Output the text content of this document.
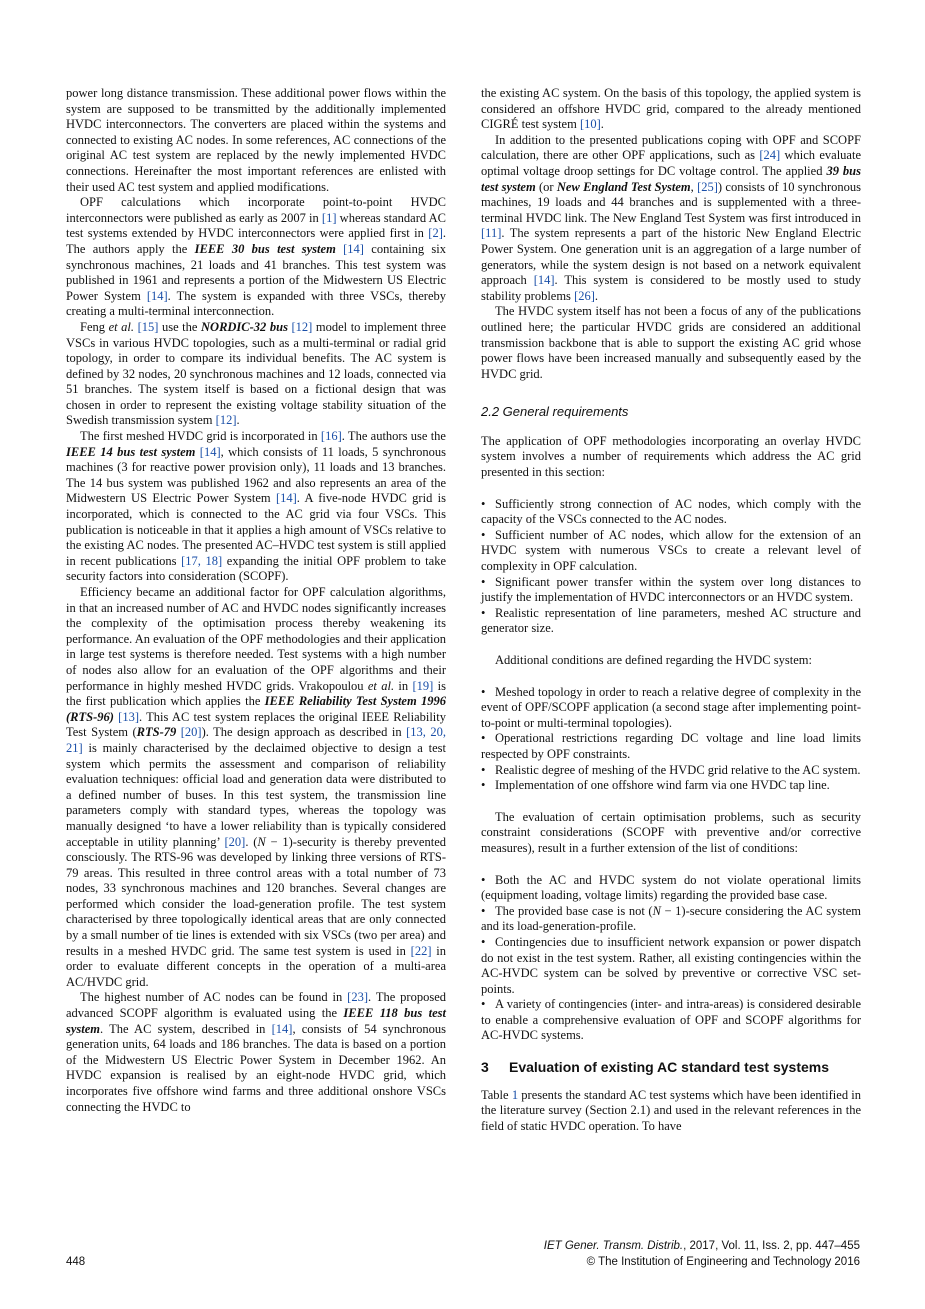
power long distance transmission. These additional power flows within the system are supposed to be transmitted by the additionally implemented HVDC interconnectors. The converters are placed within the systems and connected to existing AC nodes. In some references, AC connections of the original AC test system are replaced by the newly implemented HVDC connections. Hereinafter the most important references are enlisted with their used AC test system and applied modifications.

OPF calculations which incorporate point-to-point HVDC interconnectors were published as early as 2007 in [1] whereas standard AC test systems extended by HVDC interconnectors were applied first in [2]. The authors apply the IEEE 30 bus test system [14] containing six synchronous machines, 21 loads and 41 branches. This test system was published in 1961 and represents a portion of the Midwestern US Electric Power System [14]. The system is expanded with three VSCs, thereby creating a multi-terminal interconnection.

Feng et al. [15] use the NORDIC-32 bus [12] model to implement three VSCs in various HVDC topologies, such as a multi-terminal or radial grid topology, in order to compare its individual benefits. The AC system is defined by 32 nodes, 20 synchronous machines and 12 loads, connected via 51 branches. The system itself is based on a fictional design that was chosen in order to represent the existing voltage stability situation of the Swedish transmission system [12].

The first meshed HVDC grid is incorporated in [16]. The authors use the IEEE 14 bus test system [14], which consists of 11 loads, 5 synchronous machines (3 for reactive power provision only), 11 loads and 13 branches. The 14 bus system was published 1962 and also represents an area of the Midwestern US Electric Power System [14]. A five-node HVDC grid is incorporated, which is connected to the AC grid via four VSCs. This publication is noticeable in that it applies a high amount of VSCs relative to the existing AC nodes. The presented AC–HVDC test system is still applied in recent publications [17, 18] expanding the initial OPF problem to take security factors into consideration (SCOPF).

Efficiency became an additional factor for OPF calculation algorithms, in that an increased number of AC and HVDC nodes significantly increases the complexity of the optimisation process thereby weakening its performance. An evaluation of the OPF methodologies and their application in large test systems is therefore needed. Test systems with a high number of nodes also allow for an evaluation of the OPF algorithms and their performance in highly meshed HVDC grids. Vrakopoulou et al. in [19] is the first publication which applies the IEEE Reliability Test System 1996 (RTS-96) [13]. This AC test system replaces the original IEEE Reliability Test System (RTS-79 [20]). The design approach as described in [13, 20, 21] is mainly characterised by the declaimed objective to design a test system which permits the assessment and comparison of reliability evaluation techniques: official load and generation data were distributed to a defined number of buses. In this test system, the transmission line parameters comply with standard types, whereas the topology was manually designed ‘to have a lower reliability than is typically considered acceptable in utility planning’ [20]. (N − 1)-security is thereby prevented consciously. The RTS-96 was developed by linking three versions of RTS-79 areas. This resulted in three control areas with a total number of 73 nodes, 33 synchronous machines and 120 branches. Several changes are performed which consider the load-generation profile. The test system characterised by three topologically identical areas that are only connected by a small number of tie lines is extended with six VSCs (two per area) and results in a meshed HVDC grid. The same test system is used in [22] in order to evaluate different concepts in the operation of a multi-area AC/HVDC grid.

The highest number of AC nodes can be found in [23]. The proposed advanced SCOPF algorithm is evaluated using the IEEE 118 bus test system. The AC system, described in [14], consists of 54 synchronous generation units, 64 loads and 186 branches. The data is based on a portion of the Midwestern US Electric Power System in December 1962. An HVDC expansion is realised by an eight-node HVDC grid, which incorporates five offshore wind farms and three additional onshore VSCs connecting the HVDC to

the existing AC system. On the basis of this topology, the applied system is considered an offshore HVDC grid, compared to the already mentioned CIGRÉ test system [10].

In addition to the presented publications coping with OPF and SCOPF calculation, there are other OPF applications, such as [24] which evaluate optimal voltage droop settings for DC voltage control. The applied 39 bus test system (or New England Test System, [25]) consists of 10 synchronous machines, 19 loads and 44 branches and is supplemented with a three-terminal HVDC link. The New England Test System was first introduced in [11]. The system represents a part of the historic New England Electric Power System. One generation unit is an aggregation of a large number of generators, while the system design is not based on a network equivalent approach [14]. This system is considered to be mostly used to study stability problems [26].

The HVDC system itself has not been a focus of any of the publications outlined here; the particular HVDC grids are considered an additional transmission backbone that is able to support the existing AC grid whose power flows have been increased manually and subsequently eased by the HVDC grid.

2.2 General requirements

The application of OPF methodologies incorporating an overlay HVDC system involves a number of requirements which address the AC grid presented in this section:

• Sufficiently strong connection of AC nodes, which comply with the capacity of the VSCs connected to the AC nodes.
• Sufficient number of AC nodes, which allow for the extension of an HVDC system with numerous VSCs to create a relevant level of complexity in OPF calculation.
• Significant power transfer within the system over long distances to justify the implementation of HVDC interconnectors or an HVDC system.
• Realistic representation of line parameters, meshed AC structure and generator size.

Additional conditions are defined regarding the HVDC system:

• Meshed topology in order to reach a relative degree of complexity in the event of OPF/SCOPF application (a second stage after implementing point-to-point or multi-terminal topologies).
• Operational restrictions regarding DC voltage and line load limits respected by OPF constraints.
• Realistic degree of meshing of the HVDC grid relative to the AC system.
• Implementation of one offshore wind farm via one HVDC tap line.

The evaluation of certain optimisation problems, such as security constraint considerations (SCOPF with preventive and/or corrective measures), result in a further extension of the list of conditions:

• Both the AC and HVDC system do not violate operational limits (equipment loading, voltage limits) regarding the provided base case.
• The provided base case is not (N − 1)-secure considering the AC system and its load-generation-profile.
• Contingencies due to insufficient network expansion or power dispatch do not exist in the test system. Rather, all existing contingencies within the AC-HVDC system can be solved by preventive or corrective VSC set-points.
• A variety of contingencies (inter- and intra-areas) is considered desirable to enable a comprehensive evaluation of OPF and SCOPF algorithms for AC-HVDC systems.
3 Evaluation of existing AC standard test systems

Table 1 presents the standard AC test systems which have been identified in the literature survey (Section 2.1) and used in the relevant references in the field of static HVDC operation. To have

IET Gener. Transm. Distrib., 2017, Vol. 11, Iss. 2, pp. 447–455
© The Institution of Engineering and Technology 2016
448
